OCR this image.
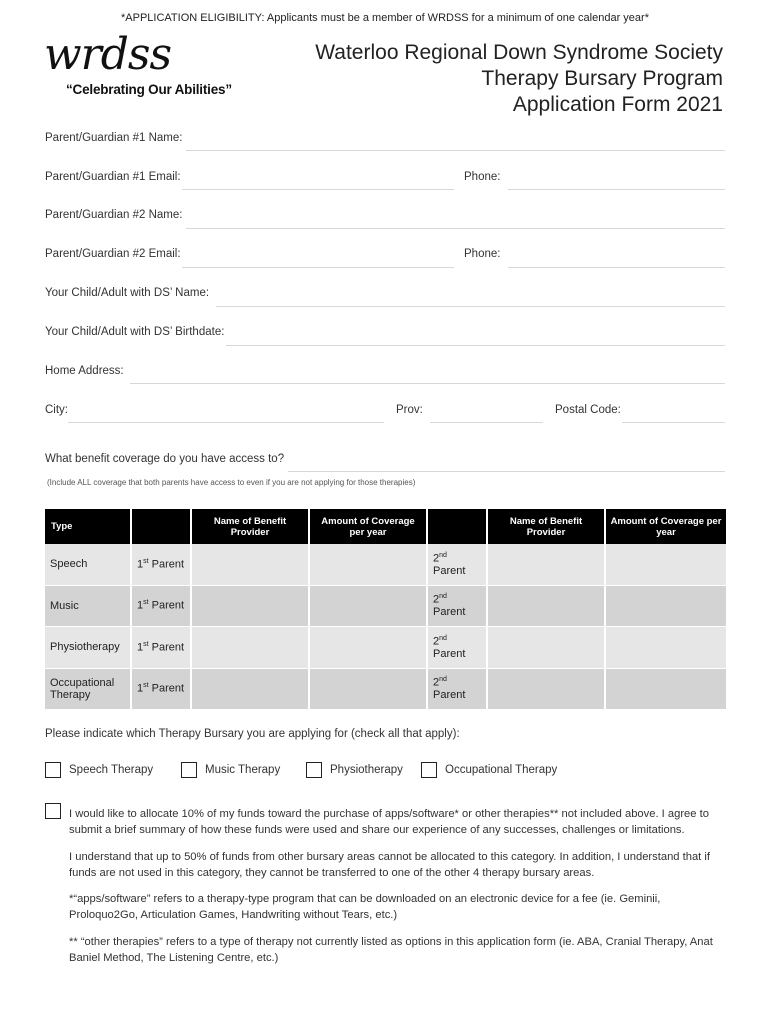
*APPLICATION ELIGIBILITY: Applicants must be a member of WRDSS for a minimum of one calendar year*
wrdss
“Celebrating Our Abilities”
Waterloo Regional Down Syndrome Society
Therapy Bursary Program
Application Form 2021
Parent/Guardian #1 Name:
Parent/Guardian #1 Email:	Phone:
Parent/Guardian #2 Name:
Parent/Guardian #2 Email:	Phone:
Your Child/Adult with DS’ Name:
Your Child/Adult with DS’ Birthdate:
Home Address:
City:	Prov:	Postal Code:
What benefit coverage do you have access to?
(Include ALL coverage that both parents have access to even if you are not applying for those therapies)
Type		Name of Benefit Provider	Amount of Coverage per year		Name of Benefit Provider	Amount of Coverage per year
Speech	1st Parent			2nd Parent		
Music	1st Parent			2nd Parent		
Physiotherapy	1st Parent			2nd Parent		
Occupational Therapy	1st Parent			2nd Parent		
Please indicate which Therapy Bursary you are applying for (check all that apply):
Speech Therapy	Music Therapy	Physiotherapy	Occupational Therapy
I would like to allocate 10% of my funds toward the purchase of apps/software* or other therapies** not included above. I agree to submit a brief summary of how these funds were used and share our experience of any successes, challenges or limitations.
I understand that up to 50% of funds from other bursary areas cannot be allocated to this category. In addition, I understand that if funds are not used in this category, they cannot be transferred to one of the other 4 therapy bursary areas.
*“apps/software” refers to a therapy-type program that can be downloaded on an electronic device for a fee (ie. Geminii, Proloquo2Go, Articulation Games, Handwriting without Tears, etc.)
** “other therapies” refers to a type of therapy not currently listed as options in this application form (ie. ABA, Cranial Therapy, Anat Baniel Method, The Listening Centre, etc.)
